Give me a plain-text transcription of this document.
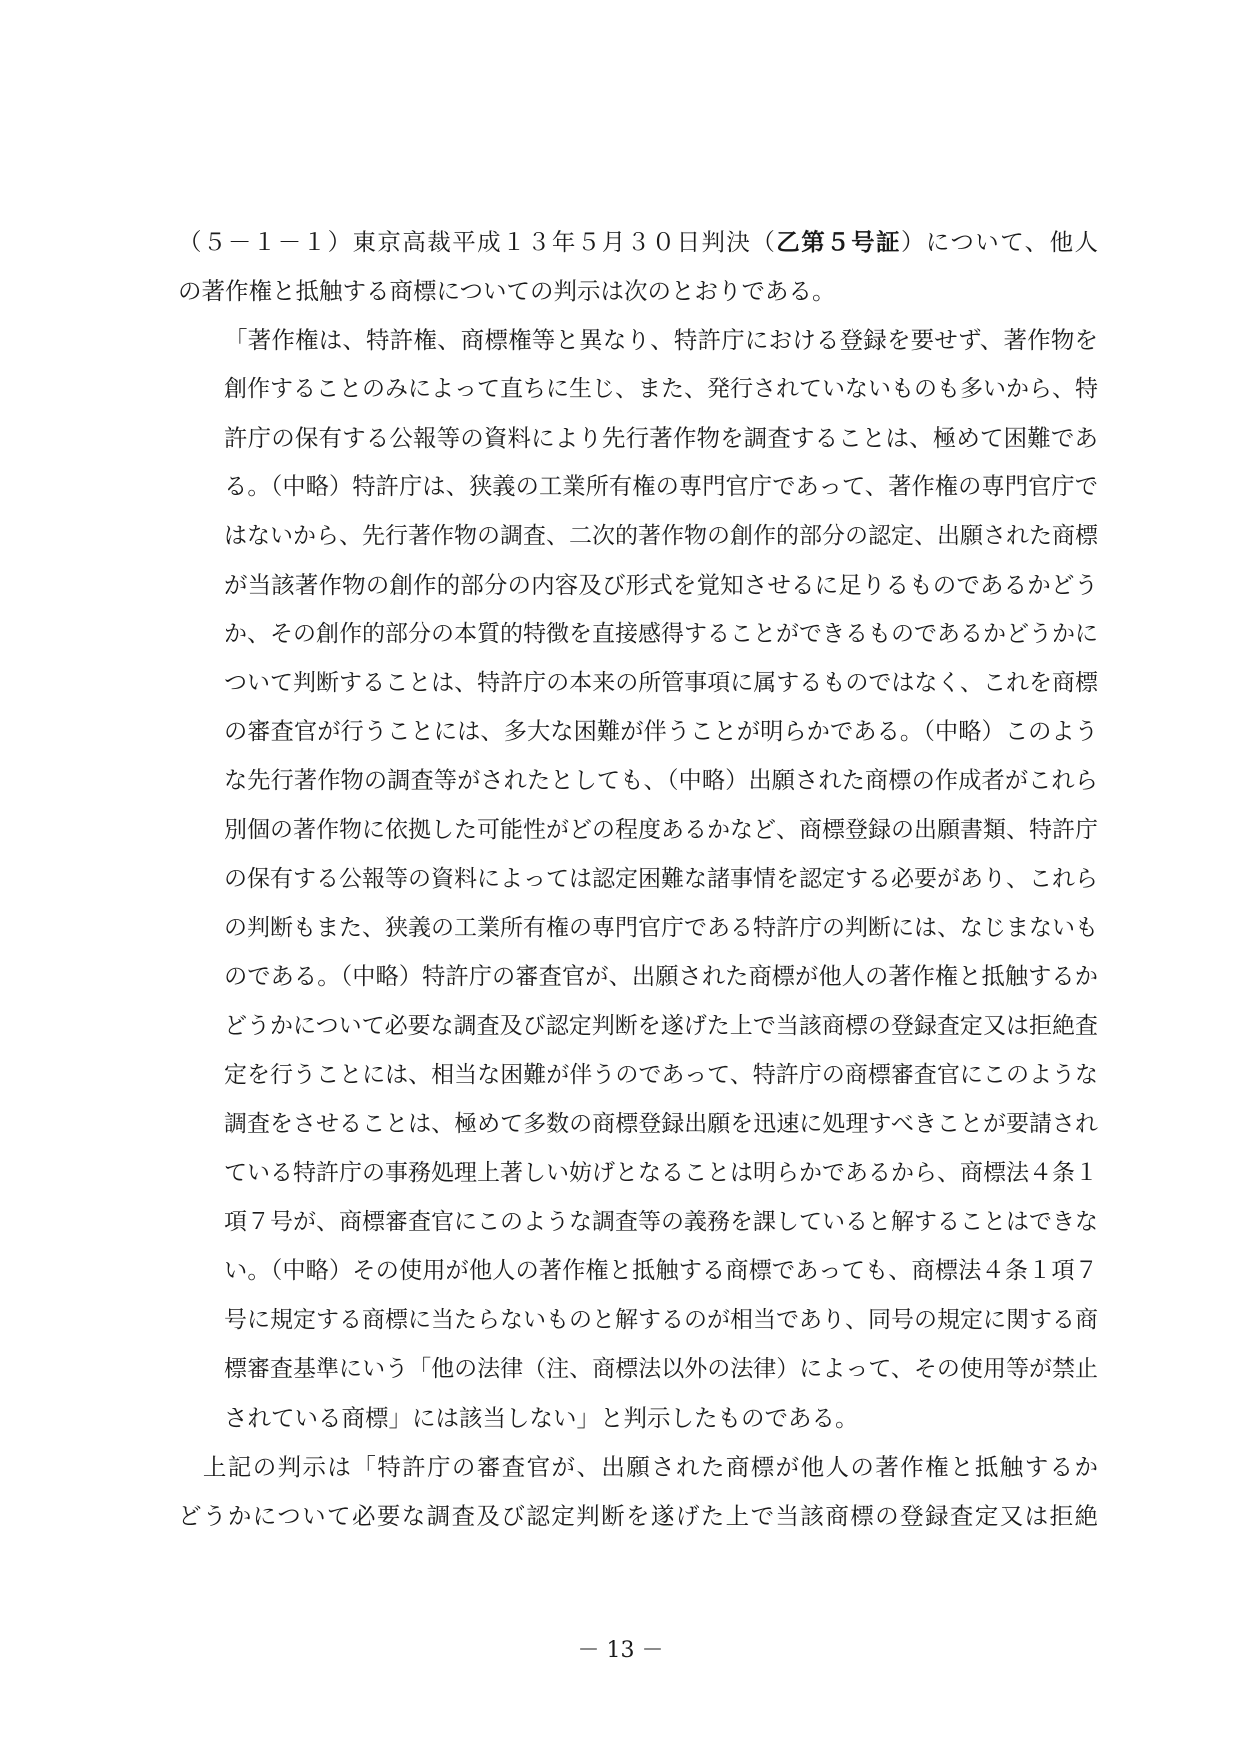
（５－１－１）東京高裁平成１３年５月３０日判決（乙第５号証）について、他人
の著作権と抵触する商標についての判示は次のとおりである。
「著作権は、特許権、商標権等と異なり、特許庁における登録を要せず、著作物を
創作することのみによって直ちに生じ、また、発行されていないものも多いから、特
許庁の保有する公報等の資料により先行著作物を調査することは、極めて困難であ
る。（中略）特許庁は、狭義の工業所有権の専門官庁であって、著作権の専門官庁で
はないから、先行著作物の調査、二次的著作物の創作的部分の認定、出願された商標
が当該著作物の創作的部分の内容及び形式を覚知させるに足りるものであるかどう
か、その創作的部分の本質的特徴を直接感得することができるものであるかどうかに
ついて判断することは、特許庁の本来の所管事項に属するものではなく、これを商標
の審査官が行うことには、多大な困難が伴うことが明らかである。（中略）このよう
な先行著作物の調査等がされたとしても、（中略）出願された商標の作成者がこれら
別個の著作物に依拠した可能性がどの程度あるかなど、商標登録の出願書類、特許庁
の保有する公報等の資料によっては認定困難な諸事情を認定する必要があり、これら
の判断もまた、狭義の工業所有権の専門官庁である特許庁の判断には、なじまないも
のである。（中略）特許庁の審査官が、出願された商標が他人の著作権と抵触するか
どうかについて必要な調査及び認定判断を遂げた上で当該商標の登録査定又は拒絶査
定を行うことには、相当な困難が伴うのであって、特許庁の商標審査官にこのような
調査をさせることは、極めて多数の商標登録出願を迅速に処理すべきことが要請され
ている特許庁の事務処理上著しい妨げとなることは明らかであるから、商標法４条１
項７号が、商標審査官にこのような調査等の義務を課していると解することはできな
い。（中略）その使用が他人の著作権と抵触する商標であっても、商標法４条１項７
号に規定する商標に当たらないものと解するのが相当であり、同号の規定に関する商
標審査基準にいう「他の法律（注、商標法以外の法律）によって、その使用等が禁止
されている商標」には該当しない」と判示したものである。
　上記の判示は「特許庁の審査官が、出願された商標が他人の著作権と抵触するか
どうかについて必要な調査及び認定判断を遂げた上で当該商標の登録査定又は拒絶
－ 13 －
